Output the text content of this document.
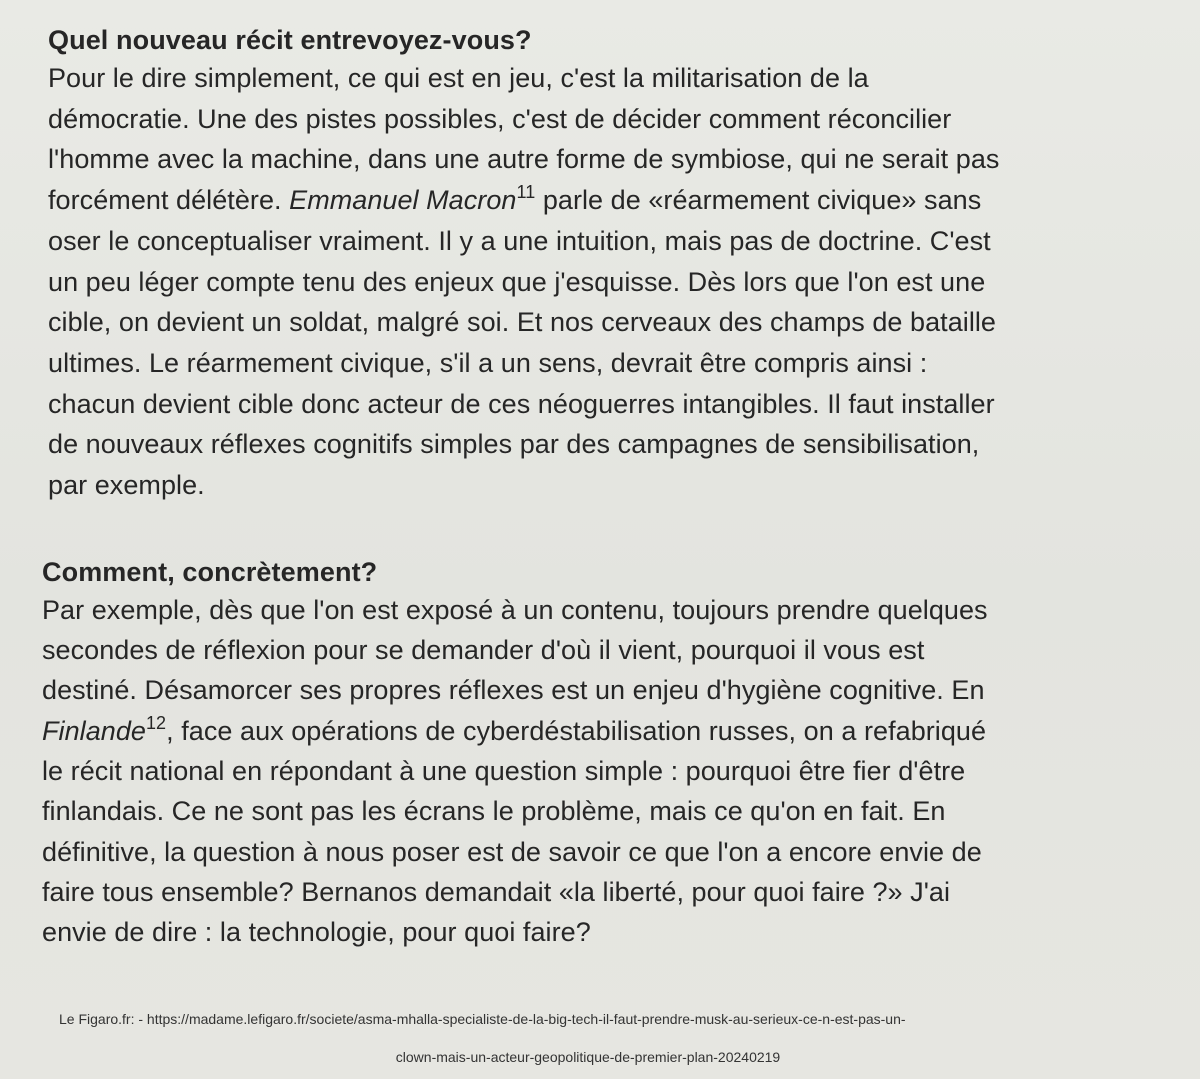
Quel nouveau récit entrevoyez-vous?

Pour le dire simplement, ce qui est en jeu, c'est la militarisation de la
démocratie. Une des pistes possibles, c'est de décider comment réconcilier
l'homme avec la machine, dans une autre forme de symbiose, qui ne serait pas
forcément délétère. Emmanuel Macron$^{11}$ parle de «réarmement civique» sans
oser le conceptualiser vraiment. Il y a une intuition, mais pas de doctrine. C'est
un peu léger compte tenu des enjeux que j'esquisse. Dès lors que l'on est une
cible, on devient un soldat, malgré soi. Et nos cerveaux des champs de bataille
ultimes. Le réarmement civique, s'il a un sens, devrait être compris ainsi :
chacun devient cible donc acteur de ces néoguerres intangibles. Il faut installer
de nouveaux réflexes cognitifs simples par des campagnes de sensibilisation,
par exemple.

Comment, concrètement?

Par exemple, dès que l'on est exposé à un contenu, toujours prendre quelques
secondes de réflexion pour se demander d'où il vient, pourquoi il vous est
destiné. Désamorcer ses propres réflexes est un enjeu d'hygiène cognitive. En
Finlande$^{12}$, face aux opérations de cyberdéstabilisation russes, on a refabriqué
le récit national en répondant à une question simple : pourquoi être fier d'être
finlandais. Ce ne sont pas les écrans le problème, mais ce qu'on en fait. En
définitive, la question à nous poser est de savoir ce que l'on a encore envie de
faire tous ensemble? Bernanos demandait «la liberté, pour quoi faire ?» J'ai
envie de dire : la technologie, pour quoi faire?

Le Figaro.fr: - https://madame.lefigaro.fr/societe/asma-mhalla-specialiste-de-la-big-tech-il-faut-prendre-musk-au-serieux-ce-n-est-pas-un-
clown-mais-un-acteur-geopolitique-de-premier-plan-20240219
